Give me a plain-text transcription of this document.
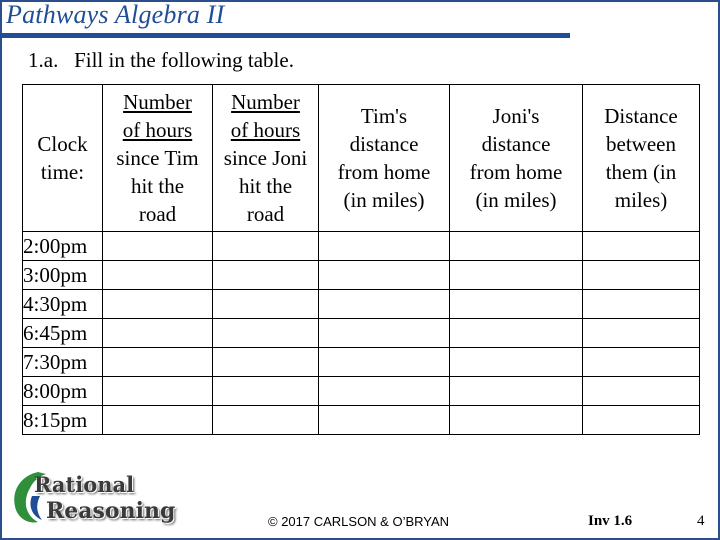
Pathways Algebra II
1.a.   Fill in the following table.
Clock
time:	Number
of hours
since Tim
hit the
road	Number
of hours
since Joni
hit the
road	Tim's
distance
from home
(in miles)	Joni's
distance
from home
(in miles)	Distance
between
them (in
miles)

2:00pm					
3:00pm					
4:30pm					
6:45pm					
7:30pm					
8:00pm					
8:15pm					
Rational
Reasoning	© 2017 CARLSON & O’BRYAN	Inv 1.6	4
